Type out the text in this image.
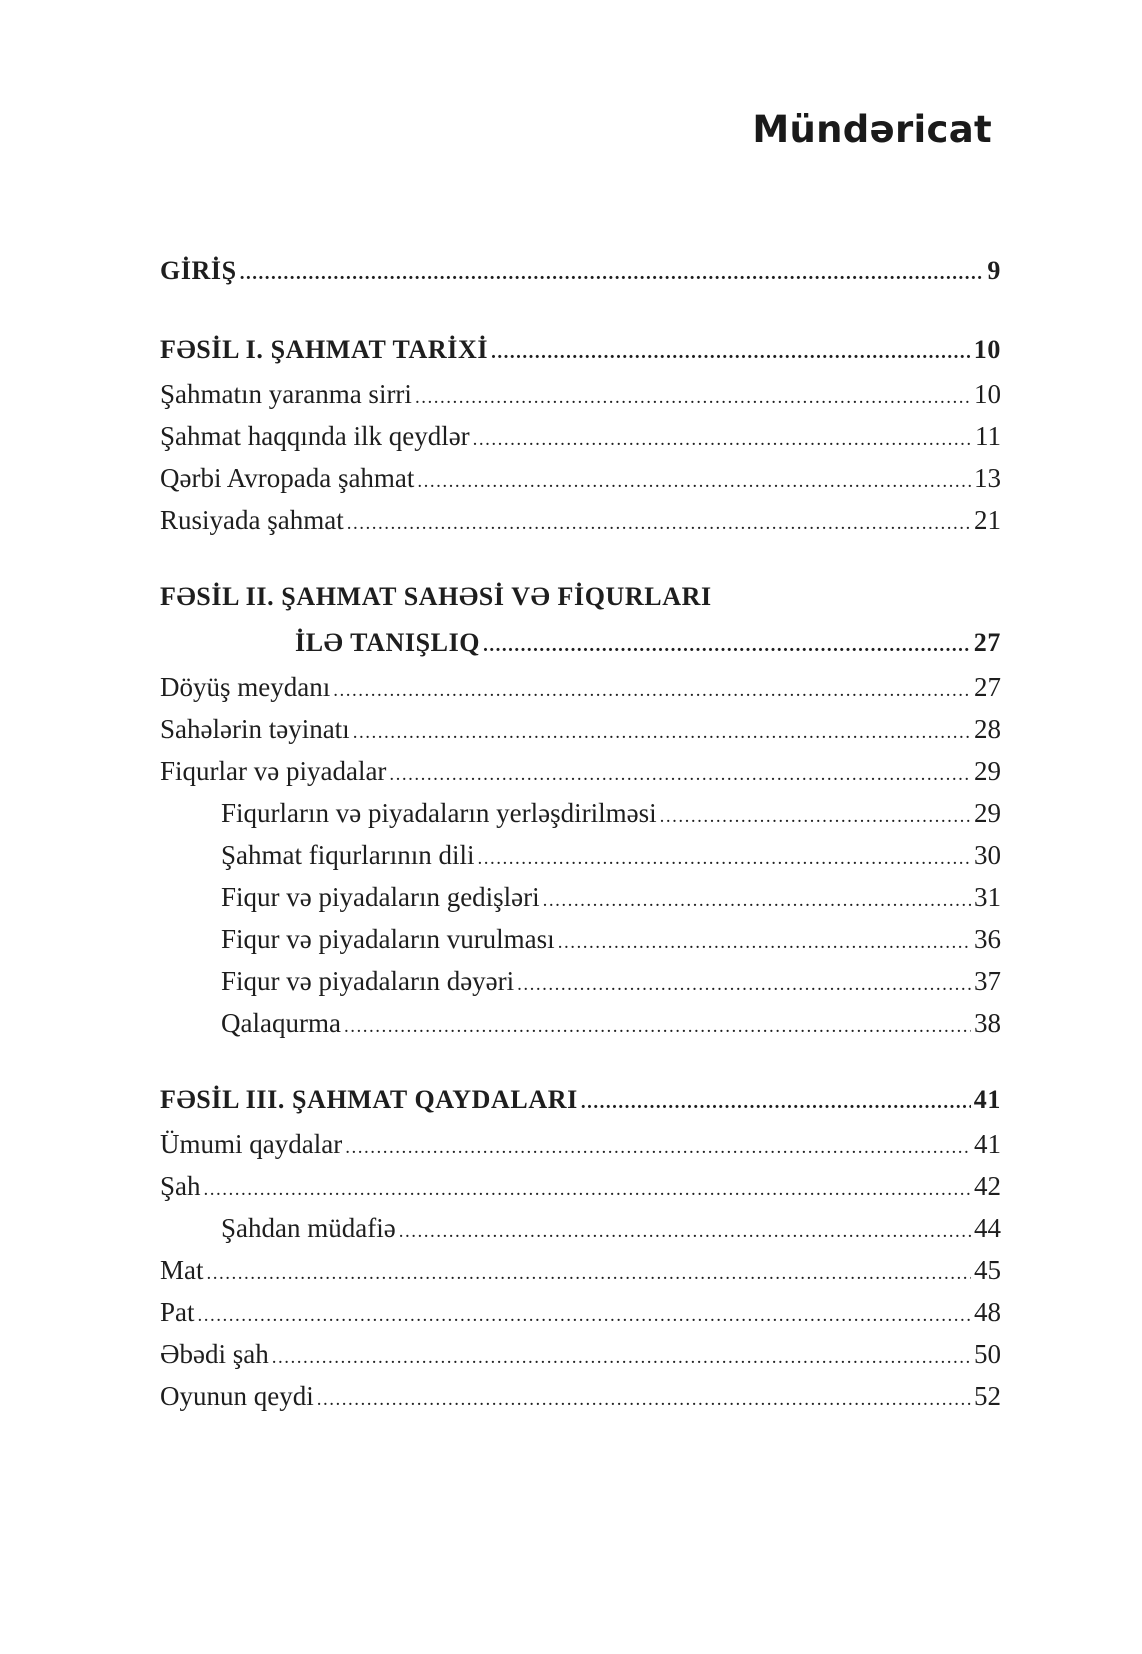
Mündəricat
GİRİŞ .....	9
FƏSİL I. ŞAHMAT TARİXİ .....	10
Şahmatın yaranma sirri .....	10
Şahmat haqqında ilk qeydlər .....	11
Qərbi Avropada şahmat .....	13
Rusiyada şahmat .....	21
FƏSİL II. ŞAHMAT SAHƏSİ VƏ FİQURLARI
İLƏ TANIŞLIQ .....	27
Döyüş meydanı .....	27
Sahələrin təyinatı .....	28
Fiqurlar və piyadalar .....	29
Fiqurların və piyadaların yerləşdirilməsi .....	29
Şahmat fiqurlarının dili .....	30
Fiqur və piyadaların gedişləri .....	31
Fiqur və piyadaların vurulması .....	36
Fiqur və piyadaların dəyəri .....	37
Qalaqurma .....	38
FƏSİL III. ŞAHMAT QAYDALARI .....	41
Ümumi qaydalar .....	41
Şah .....	42
Şahdan müdafiə .....	44
Mat .....	45
Pat .....	48
Əbədi şah .....	50
Oyunun qeydi .....	52
